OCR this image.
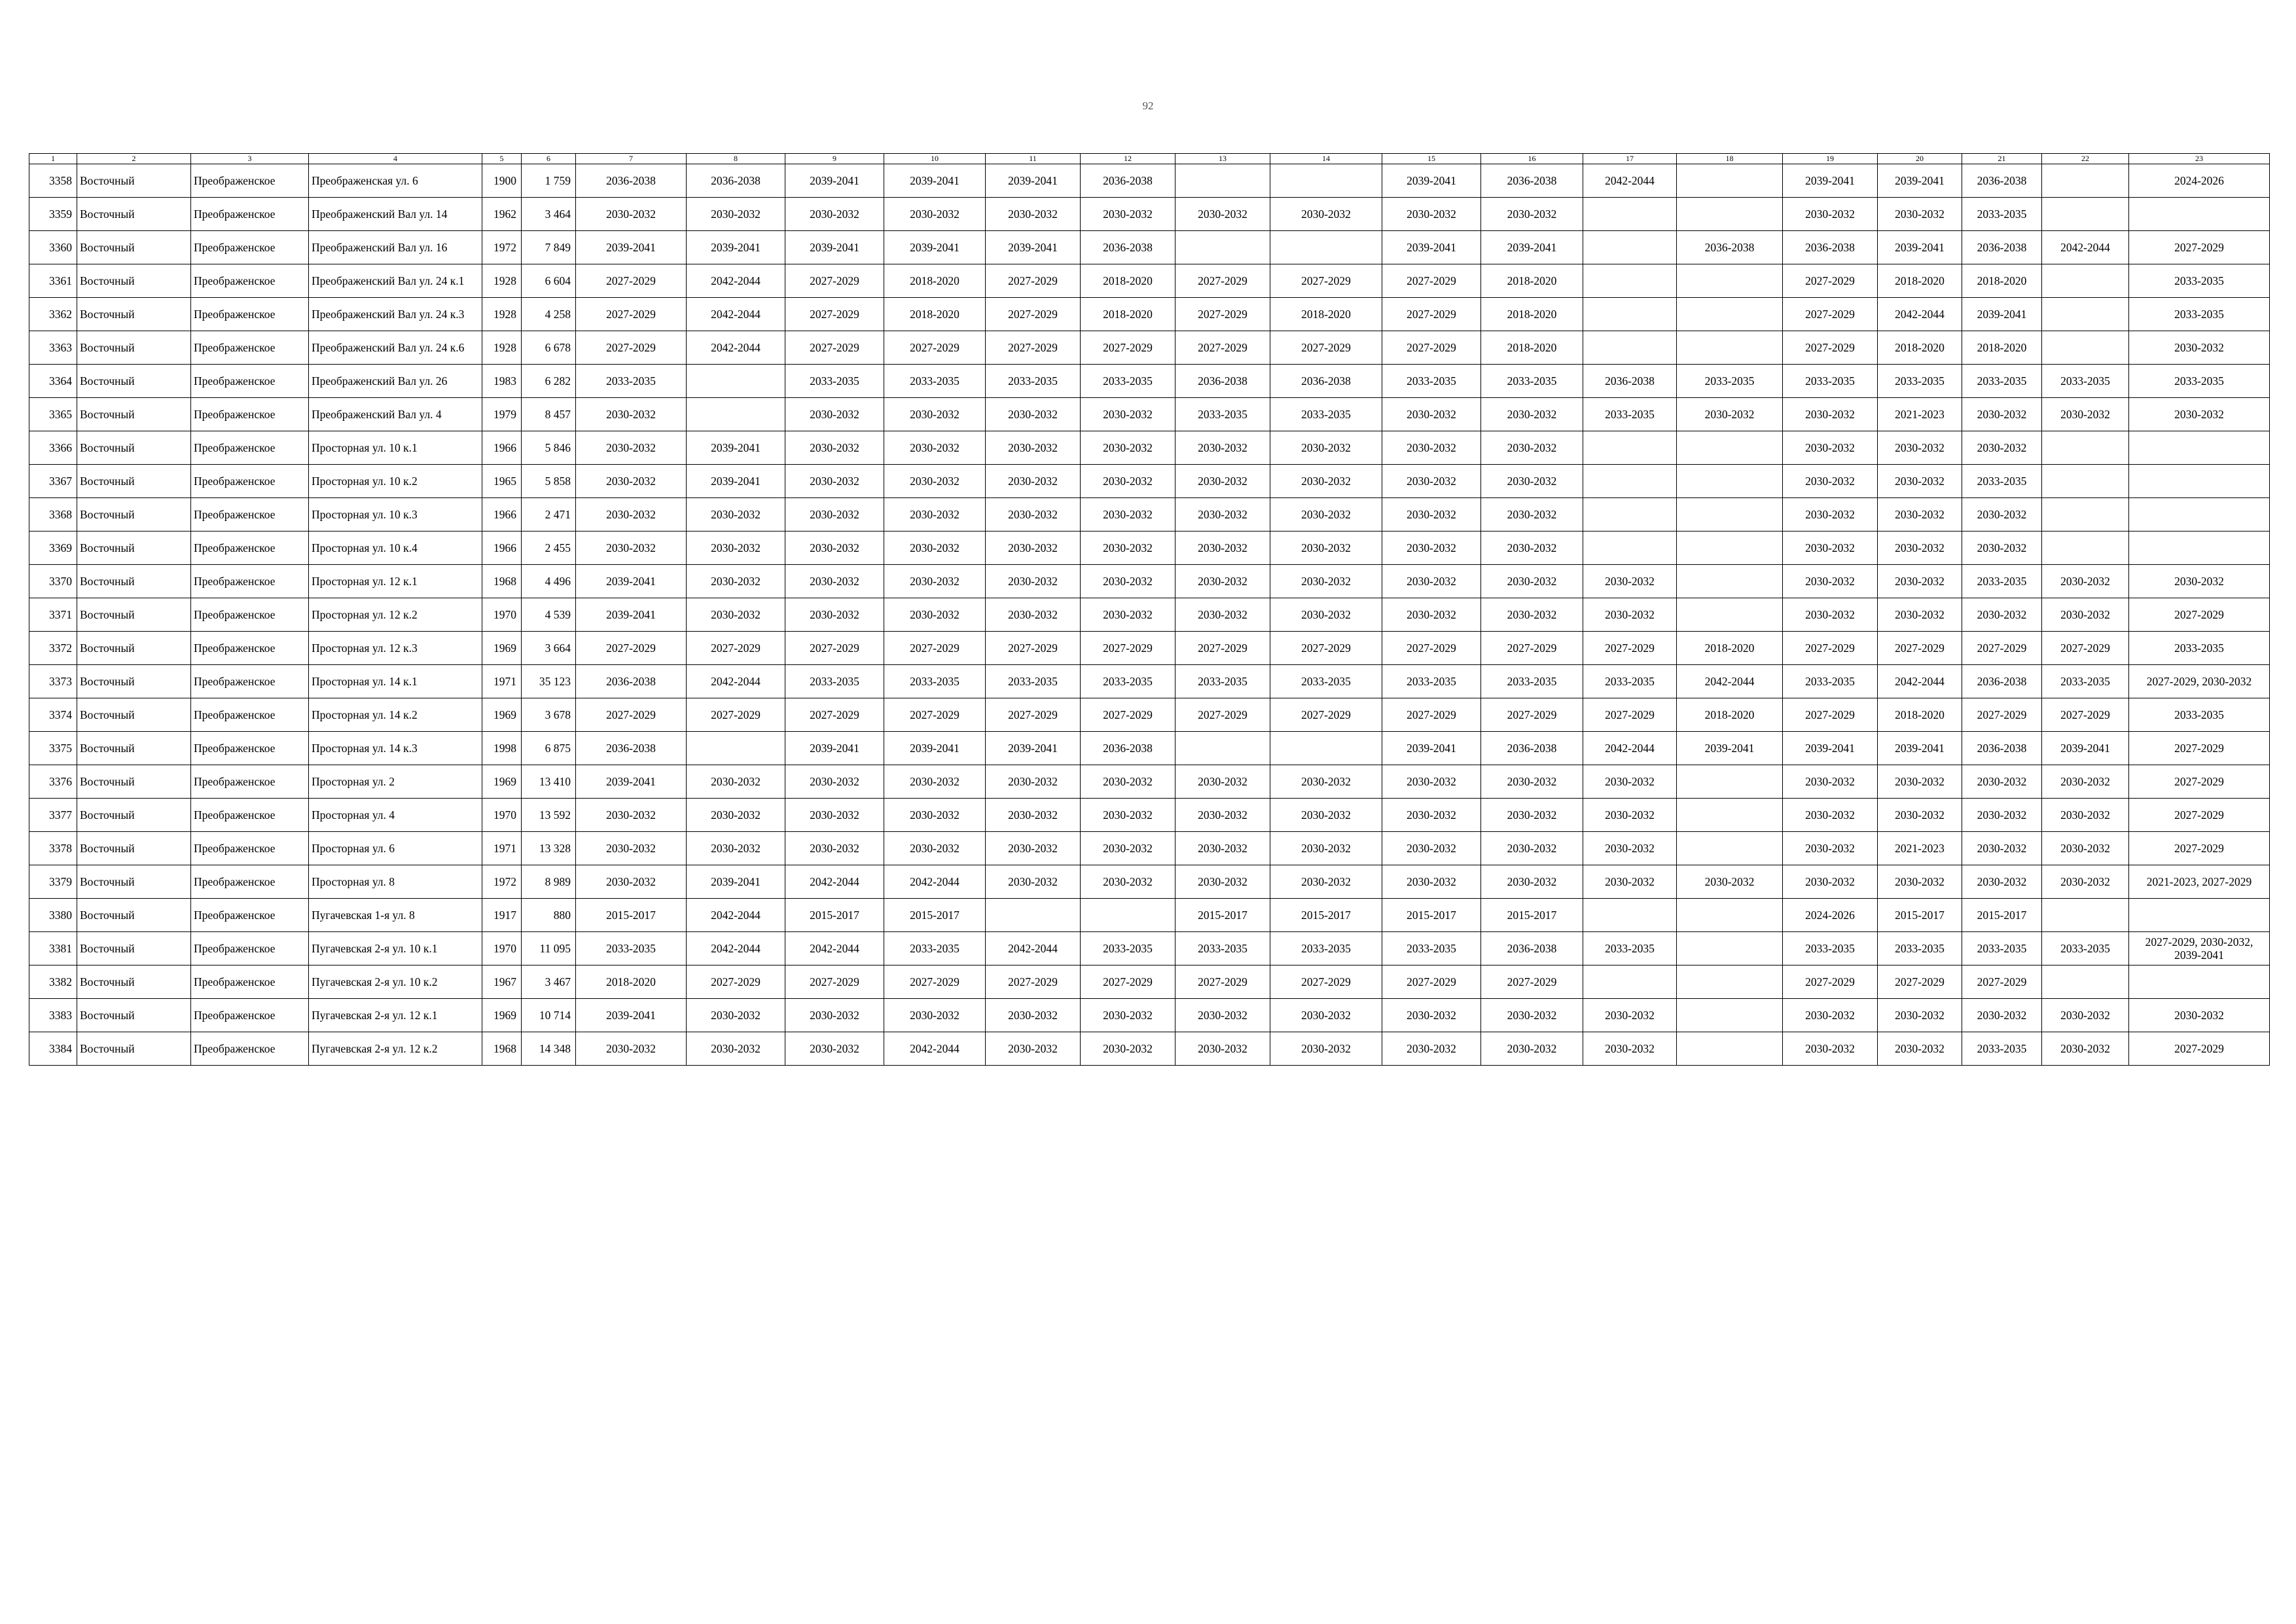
92
1	2	3	4	5	6	7	8	9	10	11	12	13	14	15	16	17	18	19	20	21	22	23
3358	Восточный	Преображенское	Преображенская ул. 6	1900	1 759	2036-2038	2036-2038	2039-2041	2039-2041	2039-2041	2036-2038			2039-2041	2036-2038	2042-2044		2039-2041	2039-2041	2036-2038		2024-2026
3359	Восточный	Преображенское	Преображенский Вал ул. 14	1962	3 464	2030-2032	2030-2032	2030-2032	2030-2032	2030-2032	2030-2032	2030-2032	2030-2032	2030-2032	2030-2032			2030-2032	2030-2032	2033-2035		
3360	Восточный	Преображенское	Преображенский Вал ул. 16	1972	7 849	2039-2041	2039-2041	2039-2041	2039-2041	2039-2041	2036-2038			2039-2041	2039-2041		2036-2038	2036-2038	2039-2041	2036-2038	2042-2044	2027-2029
3361	Восточный	Преображенское	Преображенский Вал ул. 24 к.1	1928	6 604	2027-2029	2042-2044	2027-2029	2018-2020	2027-2029	2018-2020	2027-2029	2027-2029	2027-2029	2018-2020			2027-2029	2018-2020	2018-2020		2033-2035
3362	Восточный	Преображенское	Преображенский Вал ул. 24 к.3	1928	4 258	2027-2029	2042-2044	2027-2029	2018-2020	2027-2029	2018-2020	2027-2029	2018-2020	2027-2029	2018-2020			2027-2029	2042-2044	2039-2041		2033-2035
3363	Восточный	Преображенское	Преображенский Вал ул. 24 к.6	1928	6 678	2027-2029	2042-2044	2027-2029	2027-2029	2027-2029	2027-2029	2027-2029	2027-2029	2027-2029	2018-2020			2027-2029	2018-2020	2018-2020		2030-2032
3364	Восточный	Преображенское	Преображенский Вал ул. 26	1983	6 282	2033-2035		2033-2035	2033-2035	2033-2035	2033-2035	2036-2038	2036-2038	2033-2035	2033-2035	2036-2038	2033-2035	2033-2035	2033-2035	2033-2035	2033-2035	2033-2035
3365	Восточный	Преображенское	Преображенский Вал ул. 4	1979	8 457	2030-2032		2030-2032	2030-2032	2030-2032	2030-2032	2033-2035	2033-2035	2030-2032	2030-2032	2033-2035	2030-2032	2030-2032	2021-2023	2030-2032	2030-2032	2030-2032
3366	Восточный	Преображенское	Просторная ул. 10 к.1	1966	5 846	2030-2032	2039-2041	2030-2032	2030-2032	2030-2032	2030-2032	2030-2032	2030-2032	2030-2032	2030-2032			2030-2032	2030-2032	2030-2032		
3367	Восточный	Преображенское	Просторная ул. 10 к.2	1965	5 858	2030-2032	2039-2041	2030-2032	2030-2032	2030-2032	2030-2032	2030-2032	2030-2032	2030-2032	2030-2032			2030-2032	2030-2032	2033-2035		
3368	Восточный	Преображенское	Просторная ул. 10 к.3	1966	2 471	2030-2032	2030-2032	2030-2032	2030-2032	2030-2032	2030-2032	2030-2032	2030-2032	2030-2032	2030-2032			2030-2032	2030-2032	2030-2032		
3369	Восточный	Преображенское	Просторная ул. 10 к.4	1966	2 455	2030-2032	2030-2032	2030-2032	2030-2032	2030-2032	2030-2032	2030-2032	2030-2032	2030-2032	2030-2032			2030-2032	2030-2032	2030-2032		
3370	Восточный	Преображенское	Просторная ул. 12 к.1	1968	4 496	2039-2041	2030-2032	2030-2032	2030-2032	2030-2032	2030-2032	2030-2032	2030-2032	2030-2032	2030-2032	2030-2032		2030-2032	2030-2032	2033-2035	2030-2032	2030-2032
3371	Восточный	Преображенское	Просторная ул. 12 к.2	1970	4 539	2039-2041	2030-2032	2030-2032	2030-2032	2030-2032	2030-2032	2030-2032	2030-2032	2030-2032	2030-2032	2030-2032		2030-2032	2030-2032	2030-2032	2030-2032	2027-2029
3372	Восточный	Преображенское	Просторная ул. 12 к.3	1969	3 664	2027-2029	2027-2029	2027-2029	2027-2029	2027-2029	2027-2029	2027-2029	2027-2029	2027-2029	2027-2029	2027-2029	2018-2020	2027-2029	2027-2029	2027-2029	2027-2029	2033-2035
3373	Восточный	Преображенское	Просторная ул. 14 к.1	1971	35 123	2036-2038	2042-2044	2033-2035	2033-2035	2033-2035	2033-2035	2033-2035	2033-2035	2033-2035	2033-2035	2033-2035	2042-2044	2033-2035	2042-2044	2036-2038	2033-2035	2027-2029, 2030-2032
3374	Восточный	Преображенское	Просторная ул. 14 к.2	1969	3 678	2027-2029	2027-2029	2027-2029	2027-2029	2027-2029	2027-2029	2027-2029	2027-2029	2027-2029	2027-2029	2027-2029	2018-2020	2027-2029	2018-2020	2027-2029	2027-2029	2033-2035
3375	Восточный	Преображенское	Просторная ул. 14 к.3	1998	6 875	2036-2038		2039-2041	2039-2041	2039-2041	2036-2038			2039-2041	2036-2038	2042-2044	2039-2041	2039-2041	2039-2041	2036-2038	2039-2041	2027-2029
3376	Восточный	Преображенское	Просторная ул. 2	1969	13 410	2039-2041	2030-2032	2030-2032	2030-2032	2030-2032	2030-2032	2030-2032	2030-2032	2030-2032	2030-2032	2030-2032		2030-2032	2030-2032	2030-2032	2030-2032	2027-2029
3377	Восточный	Преображенское	Просторная ул. 4	1970	13 592	2030-2032	2030-2032	2030-2032	2030-2032	2030-2032	2030-2032	2030-2032	2030-2032	2030-2032	2030-2032	2030-2032		2030-2032	2030-2032	2030-2032	2030-2032	2027-2029
3378	Восточный	Преображенское	Просторная ул. 6	1971	13 328	2030-2032	2030-2032	2030-2032	2030-2032	2030-2032	2030-2032	2030-2032	2030-2032	2030-2032	2030-2032	2030-2032		2030-2032	2021-2023	2030-2032	2030-2032	2027-2029
3379	Восточный	Преображенское	Просторная ул. 8	1972	8 989	2030-2032	2039-2041	2042-2044	2042-2044	2030-2032	2030-2032	2030-2032	2030-2032	2030-2032	2030-2032	2030-2032	2030-2032	2030-2032	2030-2032	2030-2032	2030-2032	2021-2023, 2027-2029
3380	Восточный	Преображенское	Пугачевская 1-я ул. 8	1917	880	2015-2017	2042-2044	2015-2017	2015-2017			2015-2017	2015-2017	2015-2017	2015-2017			2024-2026	2015-2017	2015-2017		
3381	Восточный	Преображенское	Пугачевская 2-я ул. 10 к.1	1970	11 095	2033-2035	2042-2044	2042-2044	2033-2035	2042-2044	2033-2035	2033-2035	2033-2035	2033-2035	2036-2038	2033-2035		2033-2035	2033-2035	2033-2035	2033-2035	2027-2029, 2030-2032, 2039-2041
3382	Восточный	Преображенское	Пугачевская 2-я ул. 10 к.2	1967	3 467	2018-2020	2027-2029	2027-2029	2027-2029	2027-2029	2027-2029	2027-2029	2027-2029	2027-2029	2027-2029			2027-2029	2027-2029	2027-2029		
3383	Восточный	Преображенское	Пугачевская 2-я ул. 12 к.1	1969	10 714	2039-2041	2030-2032	2030-2032	2030-2032	2030-2032	2030-2032	2030-2032	2030-2032	2030-2032	2030-2032	2030-2032		2030-2032	2030-2032	2030-2032	2030-2032	2030-2032
3384	Восточный	Преображенское	Пугачевская 2-я ул. 12 к.2	1968	14 348	2030-2032	2030-2032	2030-2032	2042-2044	2030-2032	2030-2032	2030-2032	2030-2032	2030-2032	2030-2032	2030-2032		2030-2032	2030-2032	2033-2035	2030-2032	2027-2029
